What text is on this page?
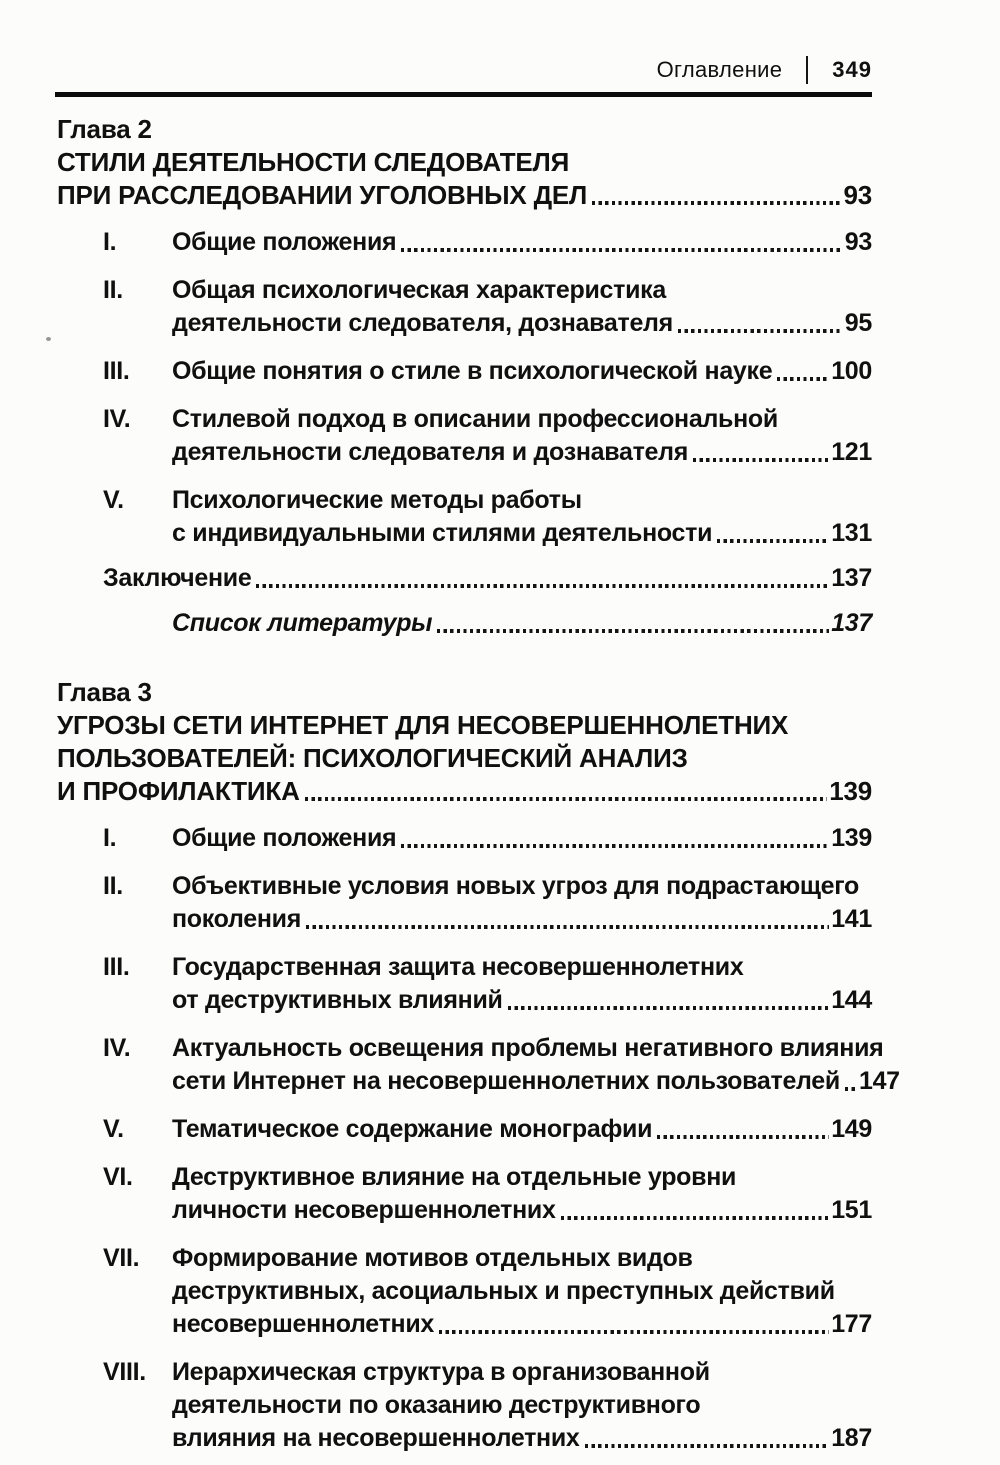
Оглавление 349
Глава 2
СТИЛИ ДЕЯТЕЛЬНОСТИ СЛЕДОВАТЕЛЯ
ПРИ РАССЛЕДОВАНИИ УГОЛОВНЫХ ДЕЛ	93
I.	Общие положения	93
II.	Общая психологическая характеристика
деятельности следователя, дознавателя	95
III.	Общие понятия о стиле в психологической науке 100
IV.	Стилевой подход в описании профессиональной
деятельности следователя и дознавателя	121
V.	Психологические методы работы
с индивидуальными стилями деятельности	131
Заключение	137
Список литературы	137
Глава 3
УГРОЗЫ СЕТИ ИНТЕРНЕТ ДЛЯ НЕСОВЕРШЕННОЛЕТНИХ
ПОЛЬЗОВАТЕЛЕЙ: ПСИХОЛОГИЧЕСКИЙ АНАЛИЗ
И ПРОФИЛАКТИКА	139
I.	Общие положения	139
II.	Объективные условия новых угроз для подрастающего
поколения	141
III.	Государственная защита несовершеннолетних
от деструктивных влияний	144
IV.	Актуальность освещения проблемы негативного влияния
сети Интернет на несовершеннолетних пользователей 147
V.	Тематическое содержание монографии	149
VI.	Деструктивное влияние на отдельные уровни
личности несовершеннолетних	151
VII.	Формирование мотивов отдельных видов
деструктивных, асоциальных и преступных действий
несовершеннолетних	177
VIII.	Иерархическая структура в организованной
деятельности по оказанию деструктивного
влияния на несовершеннолетних	187
